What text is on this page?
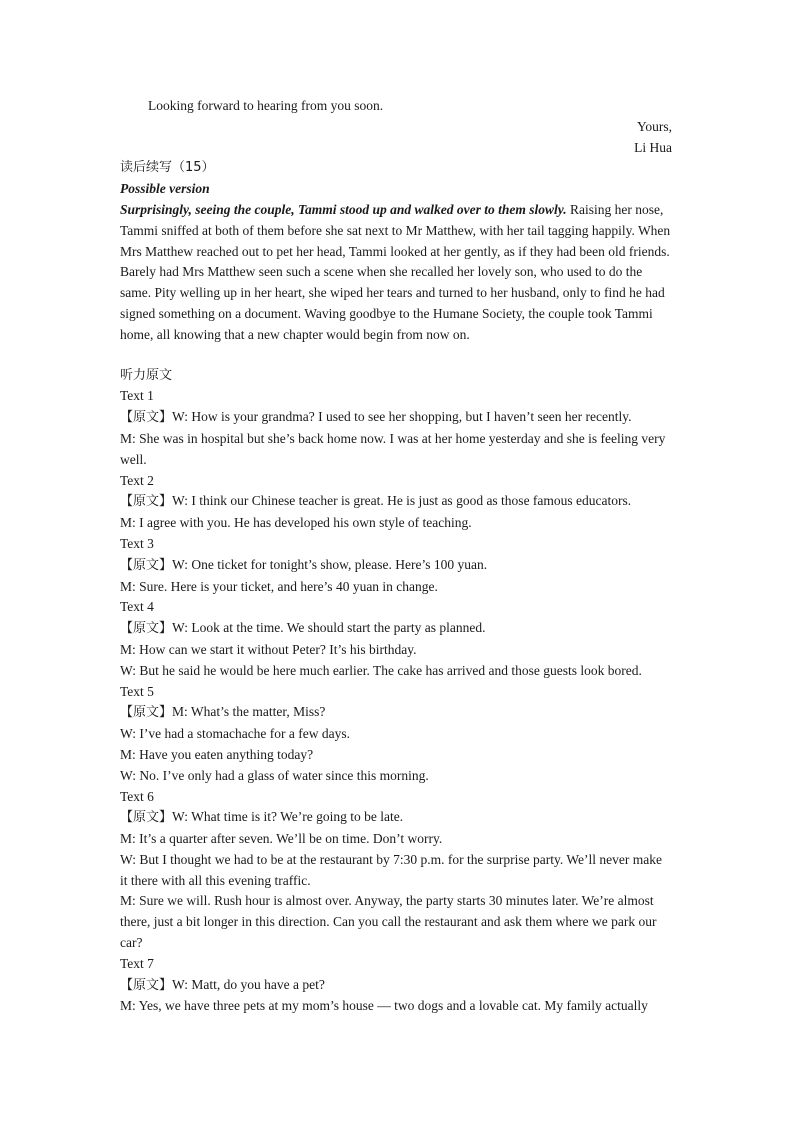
Looking forward to hearing from you soon.
Yours,
Li Hua
读后续写（15）
Possible version
Surprisingly, seeing the couple, Tammi stood up and walked over to them slowly. Raising her nose, Tammi sniffed at both of them before she sat next to Mr Matthew, with her tail tagging happily. When Mrs Matthew reached out to pet her head, Tammi looked at her gently, as if they had been old friends. Barely had Mrs Matthew seen such a scene when she recalled her lovely son, who used to do the same. Pity welling up in her heart, she wiped her tears and turned to her husband, only to find he had signed something on a document. Waving goodbye to the Humane Society, the couple took Tammi home, all knowing that a new chapter would begin from now on.
听力原文
Text 1
【原文】W: How is your grandma? I used to see her shopping, but I haven’t seen her recently.
M: She was in hospital but she’s back home now. I was at her home yesterday and she is feeling very well.
Text 2
【原文】W: I think our Chinese teacher is great. He is just as good as those famous educators.
M: I agree with you. He has developed his own style of teaching.
Text 3
【原文】W: One ticket for tonight’s show, please. Here’s 100 yuan.
M: Sure. Here is your ticket, and here’s 40 yuan in change.
Text 4
【原文】W: Look at the time. We should start the party as planned.
M: How can we start it without Peter? It’s his birthday.
W: But he said he would be here much earlier. The cake has arrived and those guests look bored.
Text 5
【原文】M: What’s the matter, Miss?
W: I’ve had a stomachache for a few days.
M: Have you eaten anything today?
W: No. I’ve only had a glass of water since this morning.
Text 6
【原文】W: What time is it? We’re going to be late.
M: It’s a quarter after seven. We’ll be on time. Don’t worry.
W: But I thought we had to be at the restaurant by 7:30 p.m. for the surprise party. We’ll never make it there with all this evening traffic.
M: Sure we will. Rush hour is almost over. Anyway, the party starts 30 minutes later. We’re almost there, just a bit longer in this direction. Can you call the restaurant and ask them where we park our car?
Text 7
【原文】W: Matt, do you have a pet?
M: Yes, we have three pets at my mom’s house — two dogs and a lovable cat. My family actually
